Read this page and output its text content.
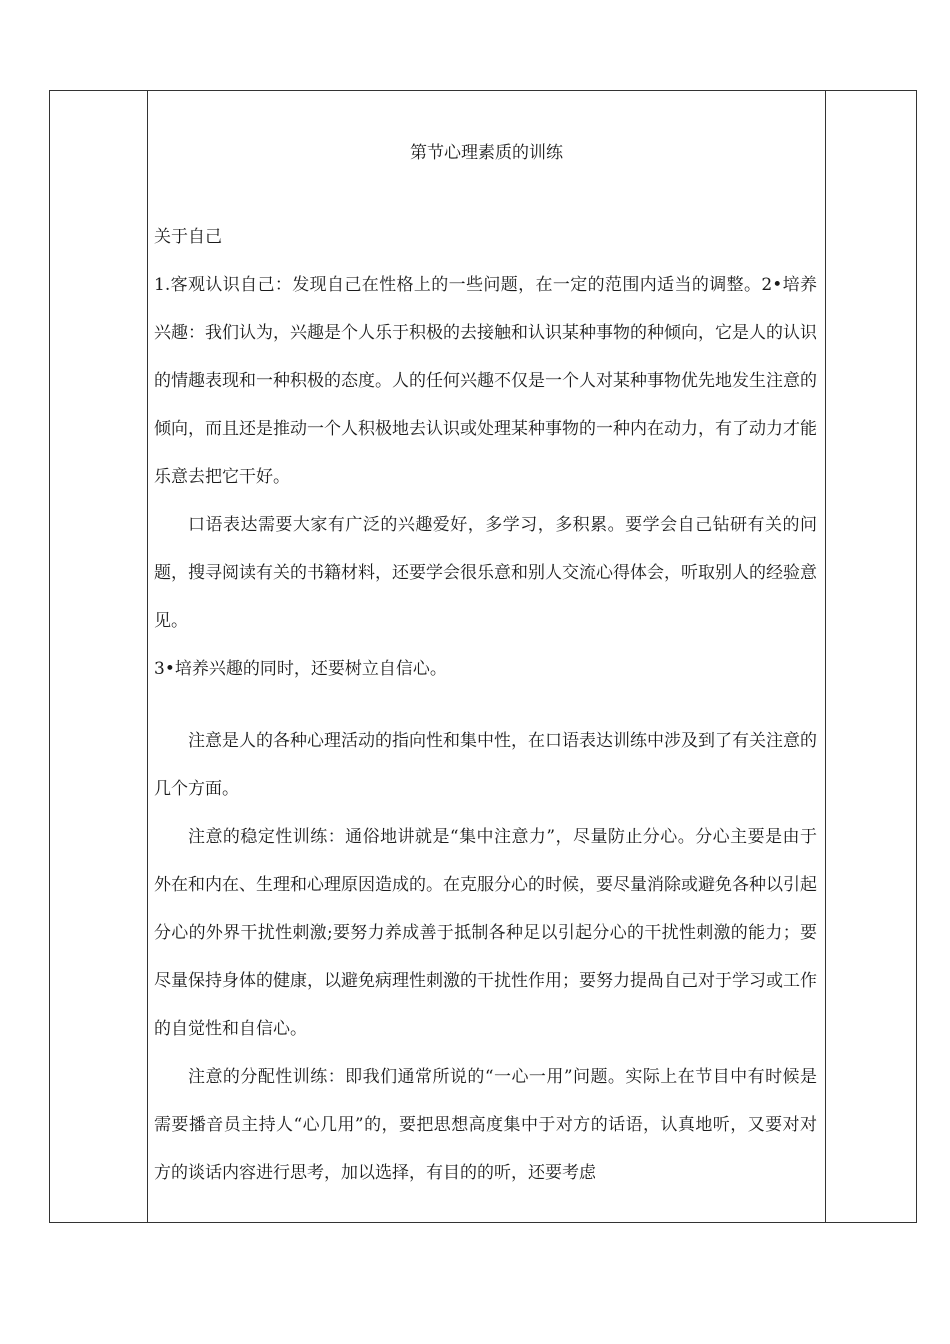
第节心理素质的训练

关于自己

1.客观认识自己：发现自己在性格上的一些问题，在一定的范围内适当的调整。2•培养兴趣：我们认为，兴趣是个人乐于积极的去接触和认识某种事物的种倾向，它是人的认识的情趣表现和一种积极的态度。人的任何兴趣不仅是一个人对某种事物优先地发生注意的倾向，而且还是推动一个人积极地去认识或处理某种事物的一种内在动力，有了动力才能乐意去把它干好。

口语表达需要大家有广泛的兴趣爱好，多学习，多积累。要学会自己钻研有关的问题，搜寻阅读有关的书籍材料，还要学会很乐意和别人交流心得体会，听取别人的经验意见。

3•培养兴趣的同时，还要树立自信心。

注意是人的各种心理活动的指向性和集中性，在口语表达训练中涉及到了有关注意的几个方面。

注意的稳定性训练：通俗地讲就是“集中注意力”，尽量防止分心。分心主要是由于外在和内在、生理和心理原因造成的。在克服分心的时候，要尽量消除或避免各种以引起分心的外界干扰性刺激;要努力养成善于抵制各种足以引起分心的干扰性刺激的能力；要尽量保持身体的健康，以避免病理性刺激的干扰性作用；要努力提咼自己对于学习或工作的自觉性和自信心。

注意的分配性训练：即我们通常所说的“一心一用”问题。实际上在节目中有时候是需要播音员主持人“心几用”的，要把思想高度集中于对方的话语，认真地听，又要对对方的谈话内容进行思考，加以选择，有目的的听，还要考虑
